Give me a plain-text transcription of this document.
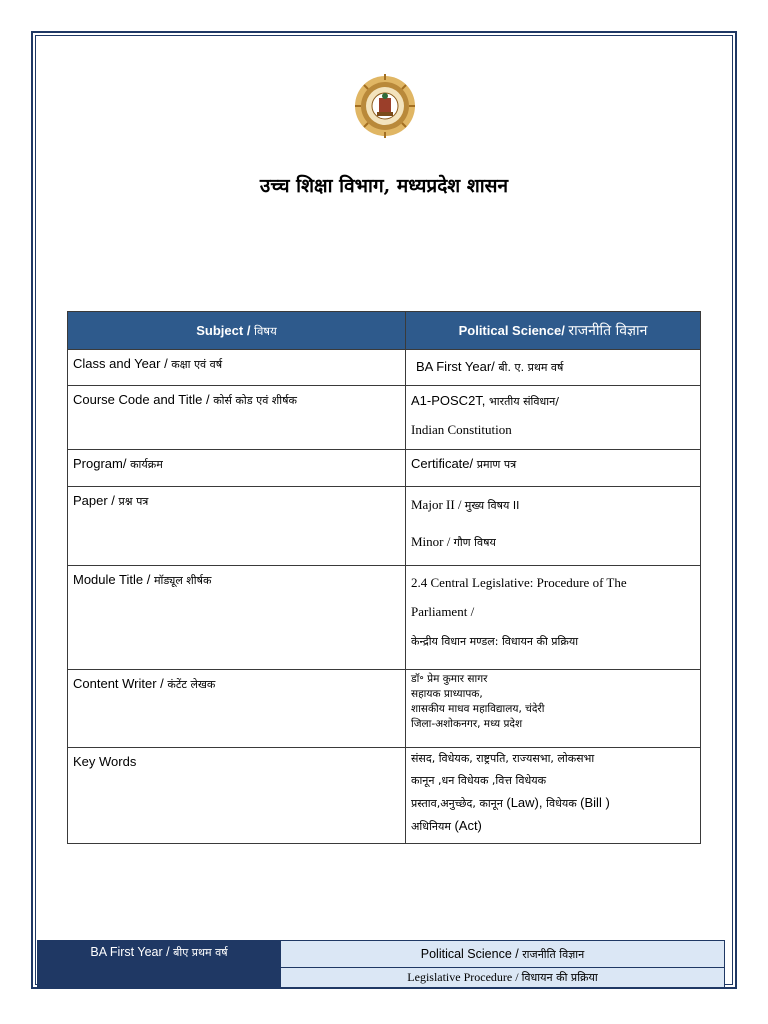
उच्च शिक्षा विभाग, मध्यप्रदेश शासन
Subject / विषय	Political Science/ राजनीति विज्ञान

Class and Year / कक्षा एवं वर्ष	BA First Year/ बी. ए. प्रथम वर्ष

Course Code and Title / कोर्स कोड एवं शीर्षक	A1-POSC2T, भारतीय संविधान/
Indian Constitution

Program/ कार्यक्रम	Certificate/ प्रमाण पत्र

Paper / प्रश्न पत्र	Major II / मुख्य विषय II
Minor / गौण विषय

Module Title / मॉड्यूल शीर्षक	2.4 Central Legislative: Procedure of The
Parliament /
केन्द्रीय विधान मण्डल: विधायन की प्रक्रिया

Content Writer / कंटेंट लेखक	डॉ॰ प्रेम कुमार सागर
सहायक प्राध्यापक,
शासकीय माधव महाविद्यालय, चंदेरी
जिला-अशोकनगर, मध्य प्रदेश

Key Words	संसद, विधेयक, राष्ट्रपति, राज्यसभा, लोकसभा
कानून ,धन विधेयक ,वित्त विधेयक
प्रस्ताव,अनुच्छेद, कानून (Law), विधेयक (Bill )
अधिनियम (Act)
BA First Year / बीए प्रथम वर्ष	Political Science / राजनीति विज्ञान
Legislative Procedure / विधायन की प्रक्रिया
